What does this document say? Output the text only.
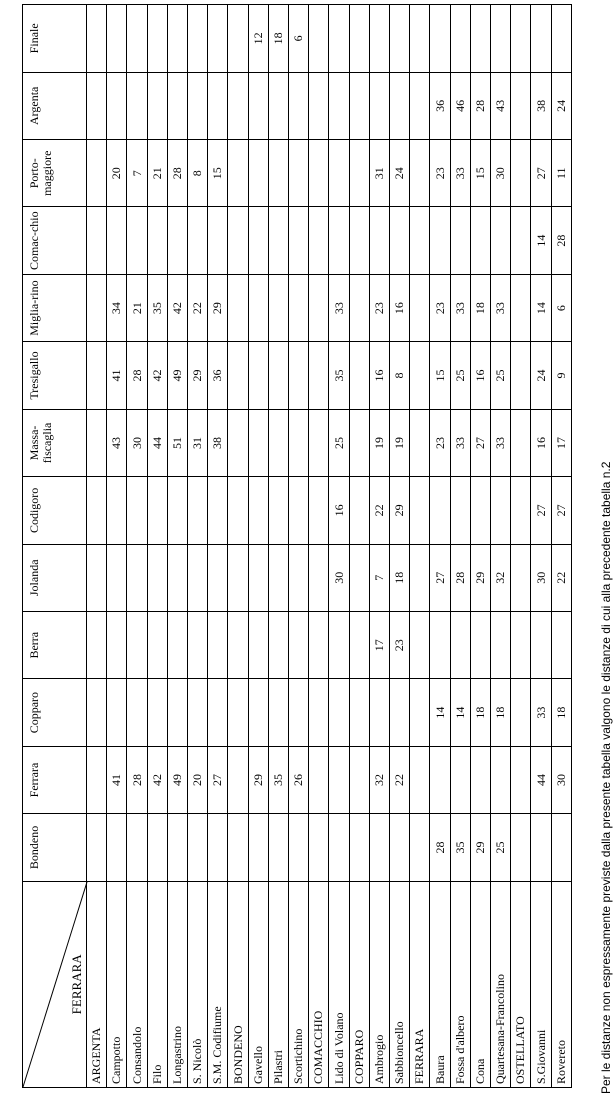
FERRARA	Bondeno	Ferrara	Copparo	Berra	Jolanda	Codigoro	Massa-fiscaglia	Tresigallo	Miglia-rino	Comac-chio	Porto-maggiore	Argenta	Finale
ARGENTA													
Campotto		41					43	41	34		20		
Consandolo		28					30	28	21		7		
Filo		42					44	42	35		21		
Longastrino		49					51	49	42		28		
S. Nicolò		20					31	29	22		8		
S.M. Codifiume		27					38	36	29		15		
BONDENO													
Gavello		29											12
Pilastri		35											18
Scortichino		26											6
COMACCHIO													
Lido di Volano					30	16	25	35	33				
COPPARO													
Ambrogio		32		17	7	22	19	16	23		31		
Sabbioncello		22		23	18	29	19	8	16		24		
FERRARA													
Baura	28		14		27		23	15	23		23	36	
Fossa d'albero	35		14		28		33	25	33		33	46	
Cona	29		18		29		27	16	18		15	28	
Quartesana-Francolino	25		18		32		33	25	33		30	43	
OSTELLATO													
S.Giovanni		44	33		30	27	16	24	14	14	27	38	
Rovereto		30	18		22	27	17	9	6	28	11	24	
Per le distanze non espressamente previste dalla presente tabella valgono le distanze di cui alla precedente tabella n.2
